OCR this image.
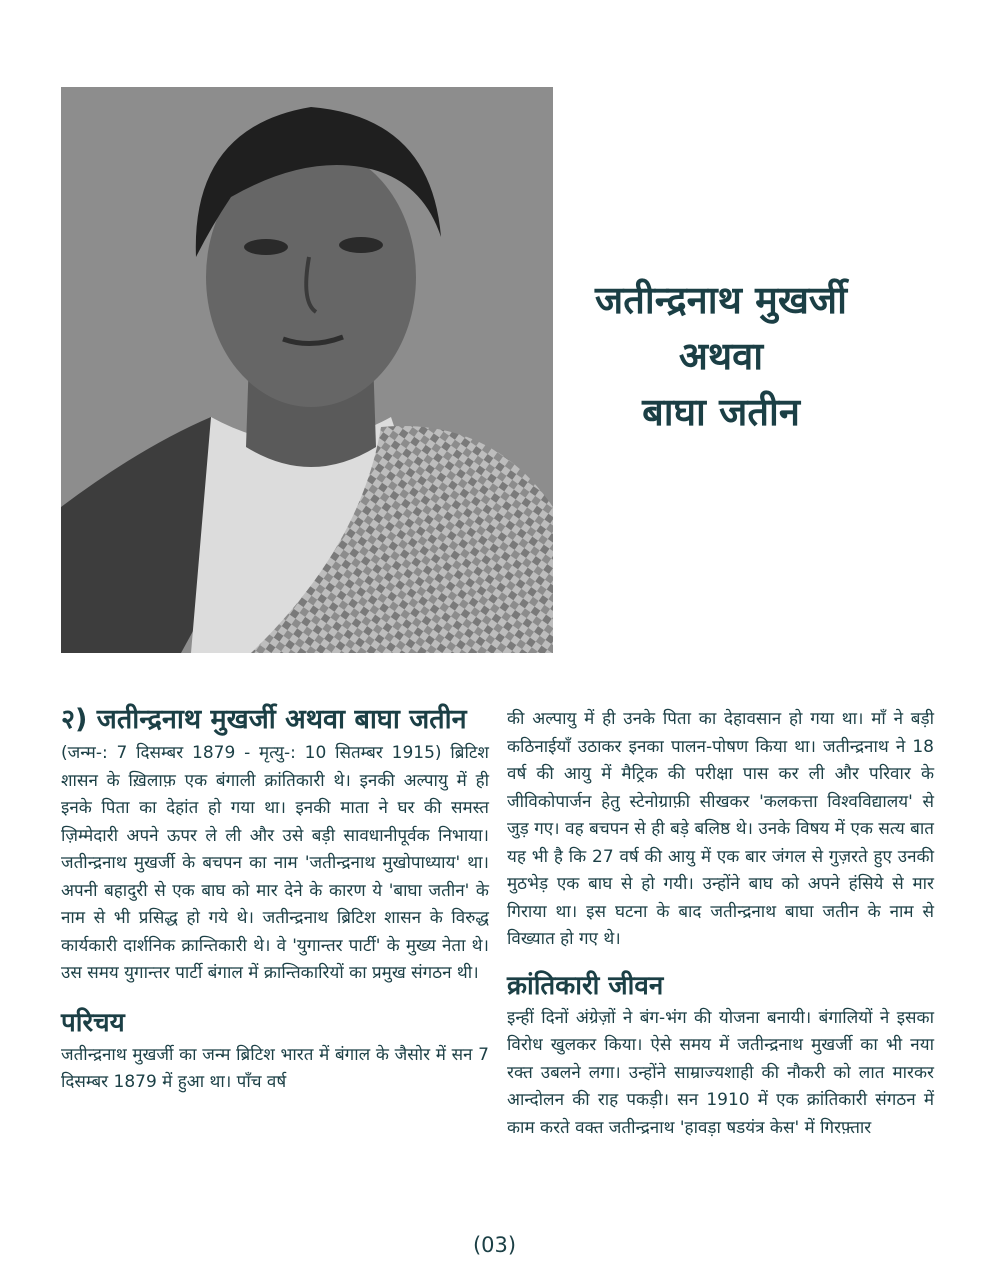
जतीन्द्रनाथ मुखर्जी
अथवा
बाघा जतीन
२) जतीन्द्रनाथ मुखर्जी अथवा बाघा जतीन

(जन्म-: 7 दिसम्बर 1879 - मृत्यु-: 10 सितम्बर 1915) ब्रिटिश शासन के ख़िलाफ़ एक बंगाली क्रांतिकारी थे। इनकी अल्पायु में ही इनके पिता का देहांत हो गया था। इनकी माता ने घर की समस्त ज़िम्मेदारी अपने ऊपर ले ली और उसे बड़ी सावधानीपूर्वक निभाया। जतीन्द्रनाथ मुखर्जी के बचपन का नाम 'जतीन्द्रनाथ मुखोपाध्याय' था। अपनी बहादुरी से एक बाघ को मार देने के कारण ये 'बाघा जतीन' के नाम से भी प्रसिद्ध हो गये थे। जतीन्द्रनाथ ब्रिटिश शासन के विरुद्ध कार्यकारी दार्शनिक क्रान्तिकारी थे। वे 'युगान्तर पार्टी' के मुख्य नेता थे। उस समय युगान्तर पार्टी बंगाल में क्रान्तिकारियों का प्रमुख संगठन थी।

परिचय

जतीन्द्रनाथ मुखर्जी का जन्म ब्रिटिश भारत में बंगाल के जैसोर में सन 7 दिसम्बर 1879 में हुआ था। पाँच वर्ष

की अल्पायु में ही उनके पिता का देहावसान हो गया था। माँ ने बड़ी कठिनाईयाँ उठाकर इनका पालन-पोषण किया था। जतीन्द्रनाथ ने 18 वर्ष की आयु में मैट्रिक की परीक्षा पास कर ली और परिवार के जीविकोपार्जन हेतु स्टेनोग्राफ़ी सीखकर 'कलकत्ता विश्वविद्यालय' से जुड़ गए। वह बचपन से ही बड़े बलिष्ठ थे। उनके विषय में एक सत्य बात यह भी है कि 27 वर्ष की आयु में एक बार जंगल से गुज़रते हुए उनकी मुठभेड़ एक बाघ से हो गयी। उन्होंने बाघ को अपने हंसिये से मार गिराया था। इस घटना के बाद जतीन्द्रनाथ बाघा जतीन के नाम से विख्यात हो गए थे।

क्रांतिकारी जीवन

इन्हीं दिनों अंग्रेज़ों ने बंग-भंग की योजना बनायी। बंगालियों ने इसका विरोध खुलकर किया। ऐसे समय में जतीन्द्रनाथ मुखर्जी का भी नया रक्त उबलने लगा। उन्होंने साम्राज्यशाही की नौकरी को लात मारकर आन्दोलन की राह पकड़ी। सन 1910 में एक क्रांतिकारी संगठन में काम करते वक्त जतीन्द्रनाथ 'हावड़ा षडयंत्र केस' में गिरफ़्तार

(03)
